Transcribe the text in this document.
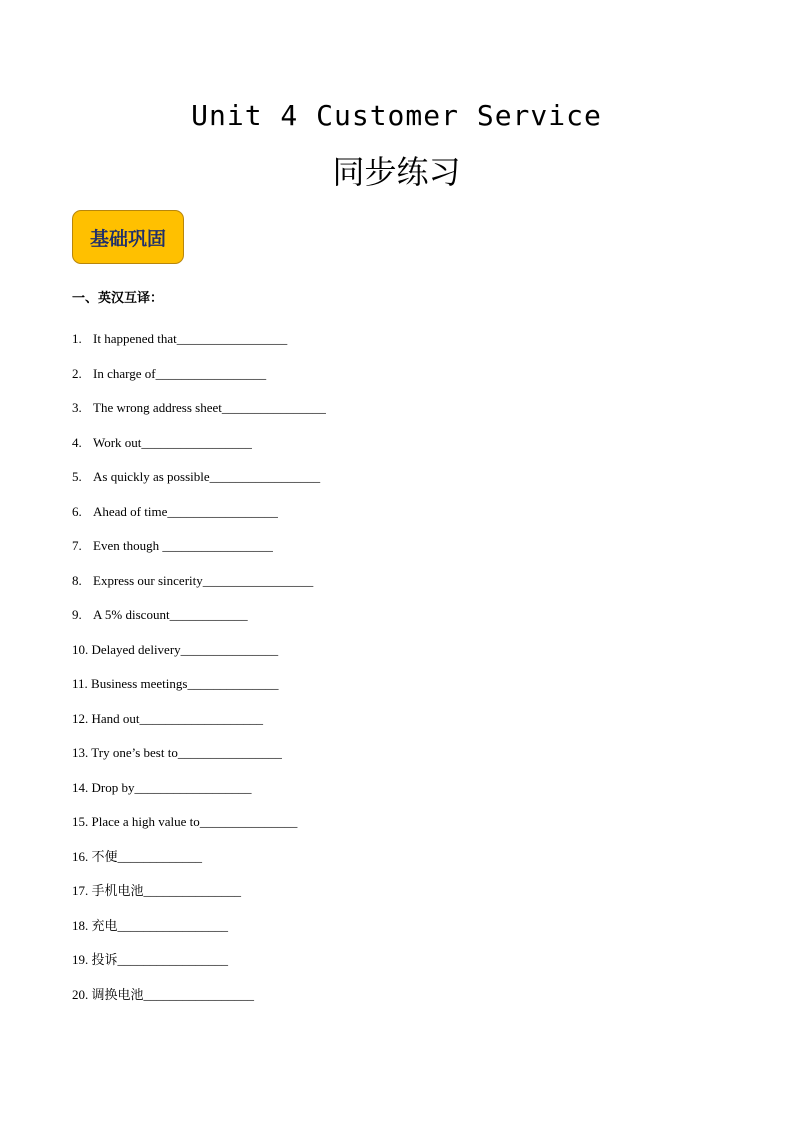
Unit 4 Customer Service
同步练习
基础巩固
一、英汉互译：
1. It happened that_________________
2. In charge of_________________
3. The wrong address sheet________________
4. Work out_________________
5. As quickly as possible_________________
6. Ahead of time_________________
7. Even though _________________
8. Express our sincerity_________________
9. A 5% discount____________
10. Delayed delivery_______________
11. Business meetings______________
12. Hand out___________________
13. Try one’s best to________________
14. Drop by__________________
15. Place a high value to_______________
16. 不便_____________
17. 手机电池_______________
18. 充电_________________
19. 投诉_________________
20. 调换电池_________________
